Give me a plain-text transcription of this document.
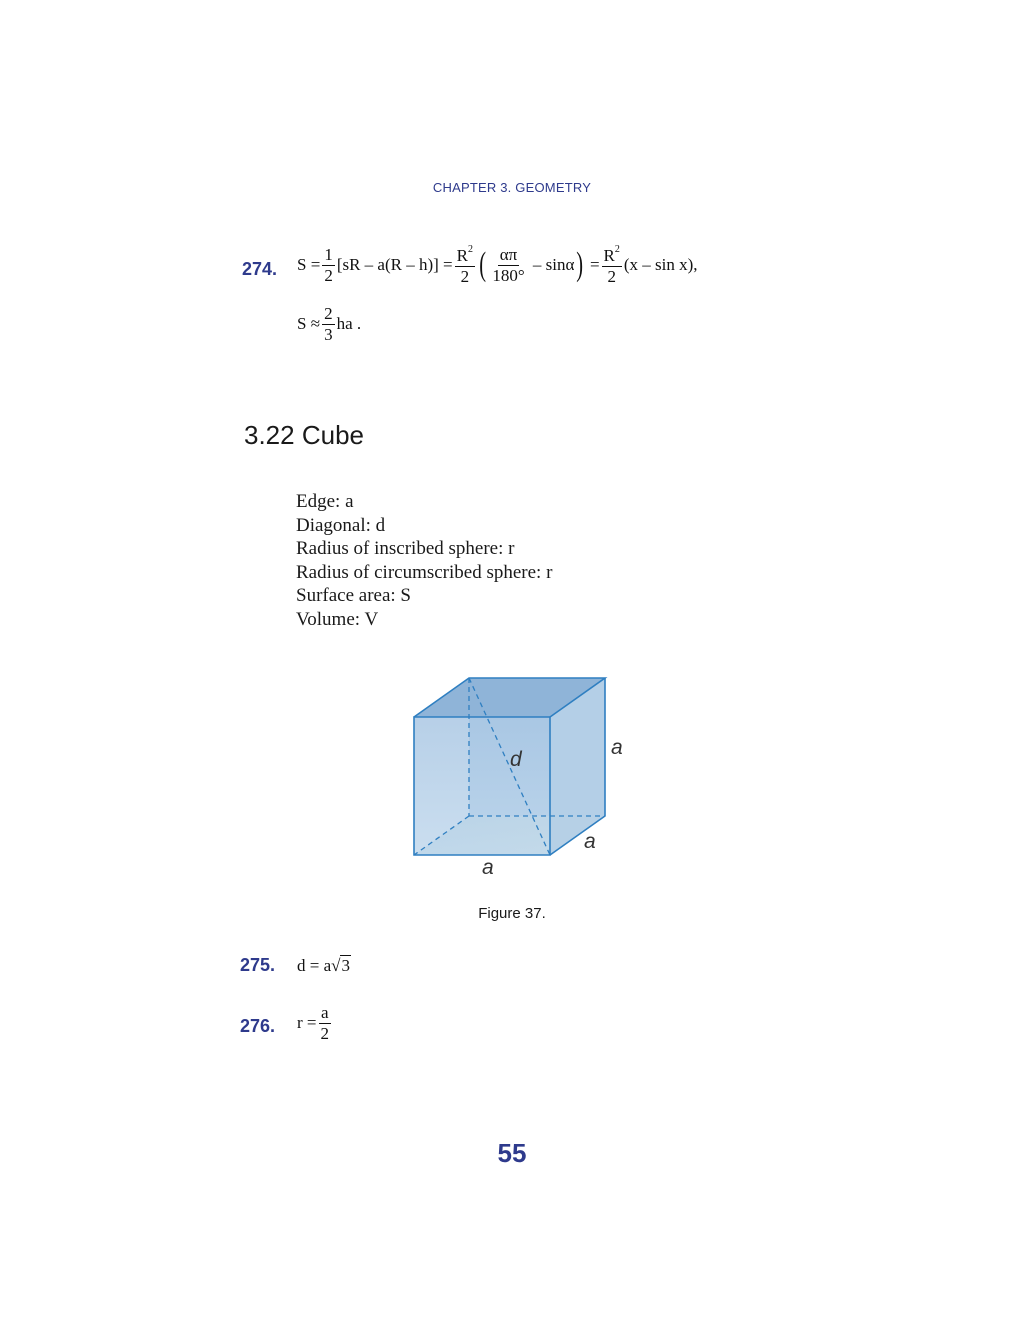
CHAPTER 3. GEOMETRY
274. S
= $\frac{1}{2} [sR - a(R - h)]$
= $\frac{R^2}{2}$ ( $\frac{\alpha\pi}{180^\circ}$
– sinα )
= $\frac{R^2}{2} (x$ – sin x),
S
≈ $\frac{2}{3}$ ha .
3.22 Cube
Edge: a
Diagonal: d
Radius of inscribed sphere: r
Radius of circumscribed sphere: r
Surface area: S
Volume: V
d
a
a
a
Figure 37.
275. d = a √ 3
276. $r = \frac{a}{2}$
55
